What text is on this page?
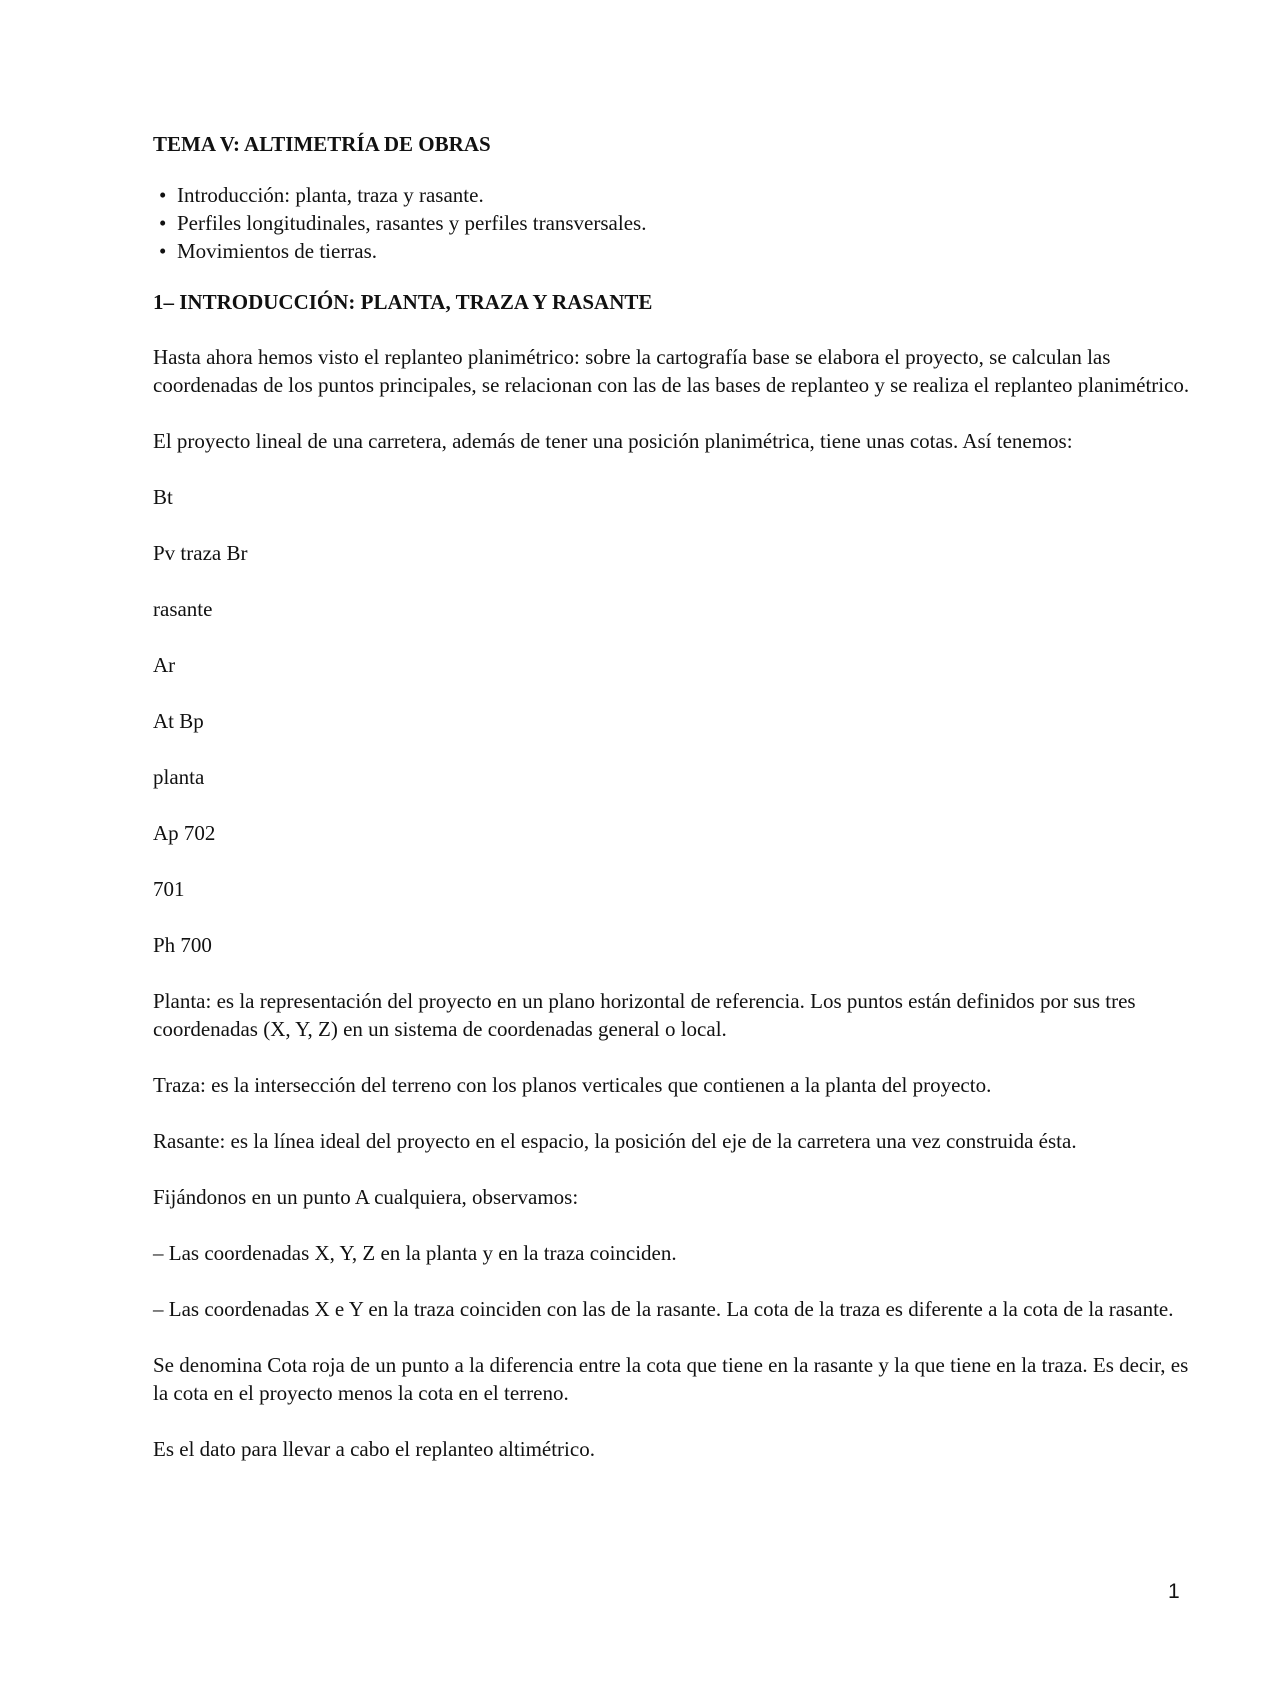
TEMA V: ALTIMETRÍA DE OBRAS
• Introducción: planta, traza y rasante.
• Perfiles longitudinales, rasantes y perfiles transversales.
• Movimientos de tierras.
1– INTRODUCCIÓN: PLANTA, TRAZA Y RASANTE

Hasta ahora hemos visto el replanteo planimétrico: sobre la cartografía base se elabora el proyecto, se calculan las coordenadas de los puntos principales, se relacionan con las de las bases de replanteo y se realiza el replanteo planimétrico.

El proyecto lineal de una carretera, además de tener una posición planimétrica, tiene unas cotas. Así tenemos:

Bt
Pv traza Br
rasante
Ar
At Bp
planta
Ap 702
701
Ph 700

Planta: es la representación del proyecto en un plano horizontal de referencia. Los puntos están definidos por sus tres coordenadas (X, Y, Z) en un sistema de coordenadas general o local.

Traza: es la intersección del terreno con los planos verticales que contienen a la planta del proyecto.

Rasante: es la línea ideal del proyecto en el espacio, la posición del eje de la carretera una vez construida ésta.

Fijándonos en un punto A cualquiera, observamos:

– Las coordenadas X, Y, Z en la planta y en la traza coinciden.

– Las coordenadas X e Y en la traza coinciden con las de la rasante. La cota de la traza es diferente a la cota de la rasante.

Se denomina Cota roja de un punto a la diferencia entre la cota que tiene en la rasante y la que tiene en la traza. Es decir, es la cota en el proyecto menos la cota en el terreno.

Es el dato para llevar a cabo el replanteo altimétrico.

1
